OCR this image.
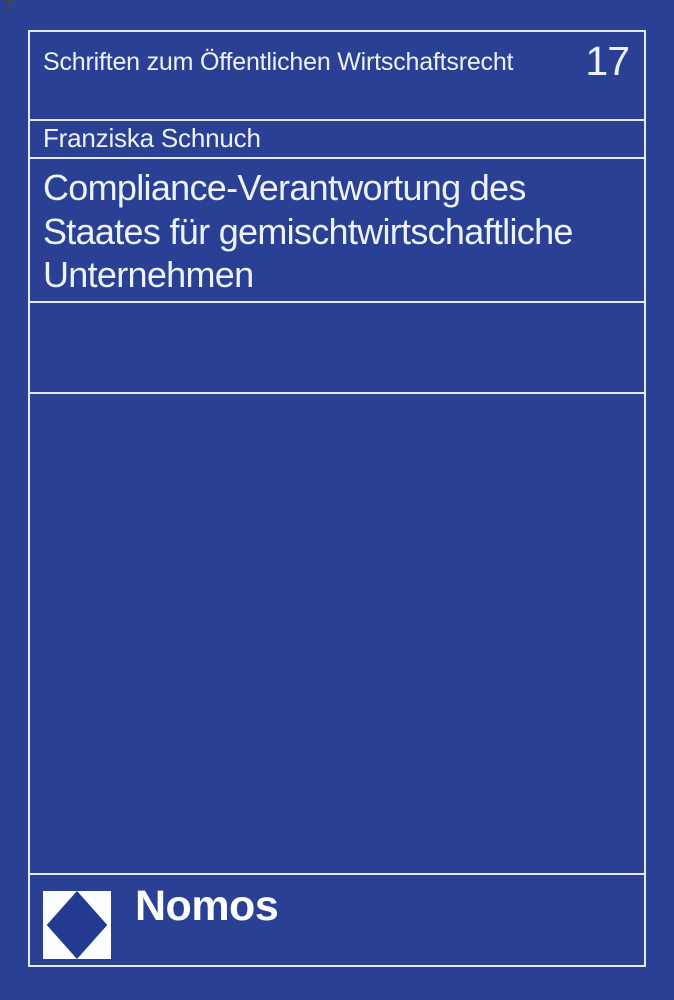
7
Schriften zum Öffentlichen Wirtschaftsrecht 17
Franziska Schnuch
Compliance-Verantwortung des
Staates für gemischtwirtschaftliche
Unternehmen
Nomos
